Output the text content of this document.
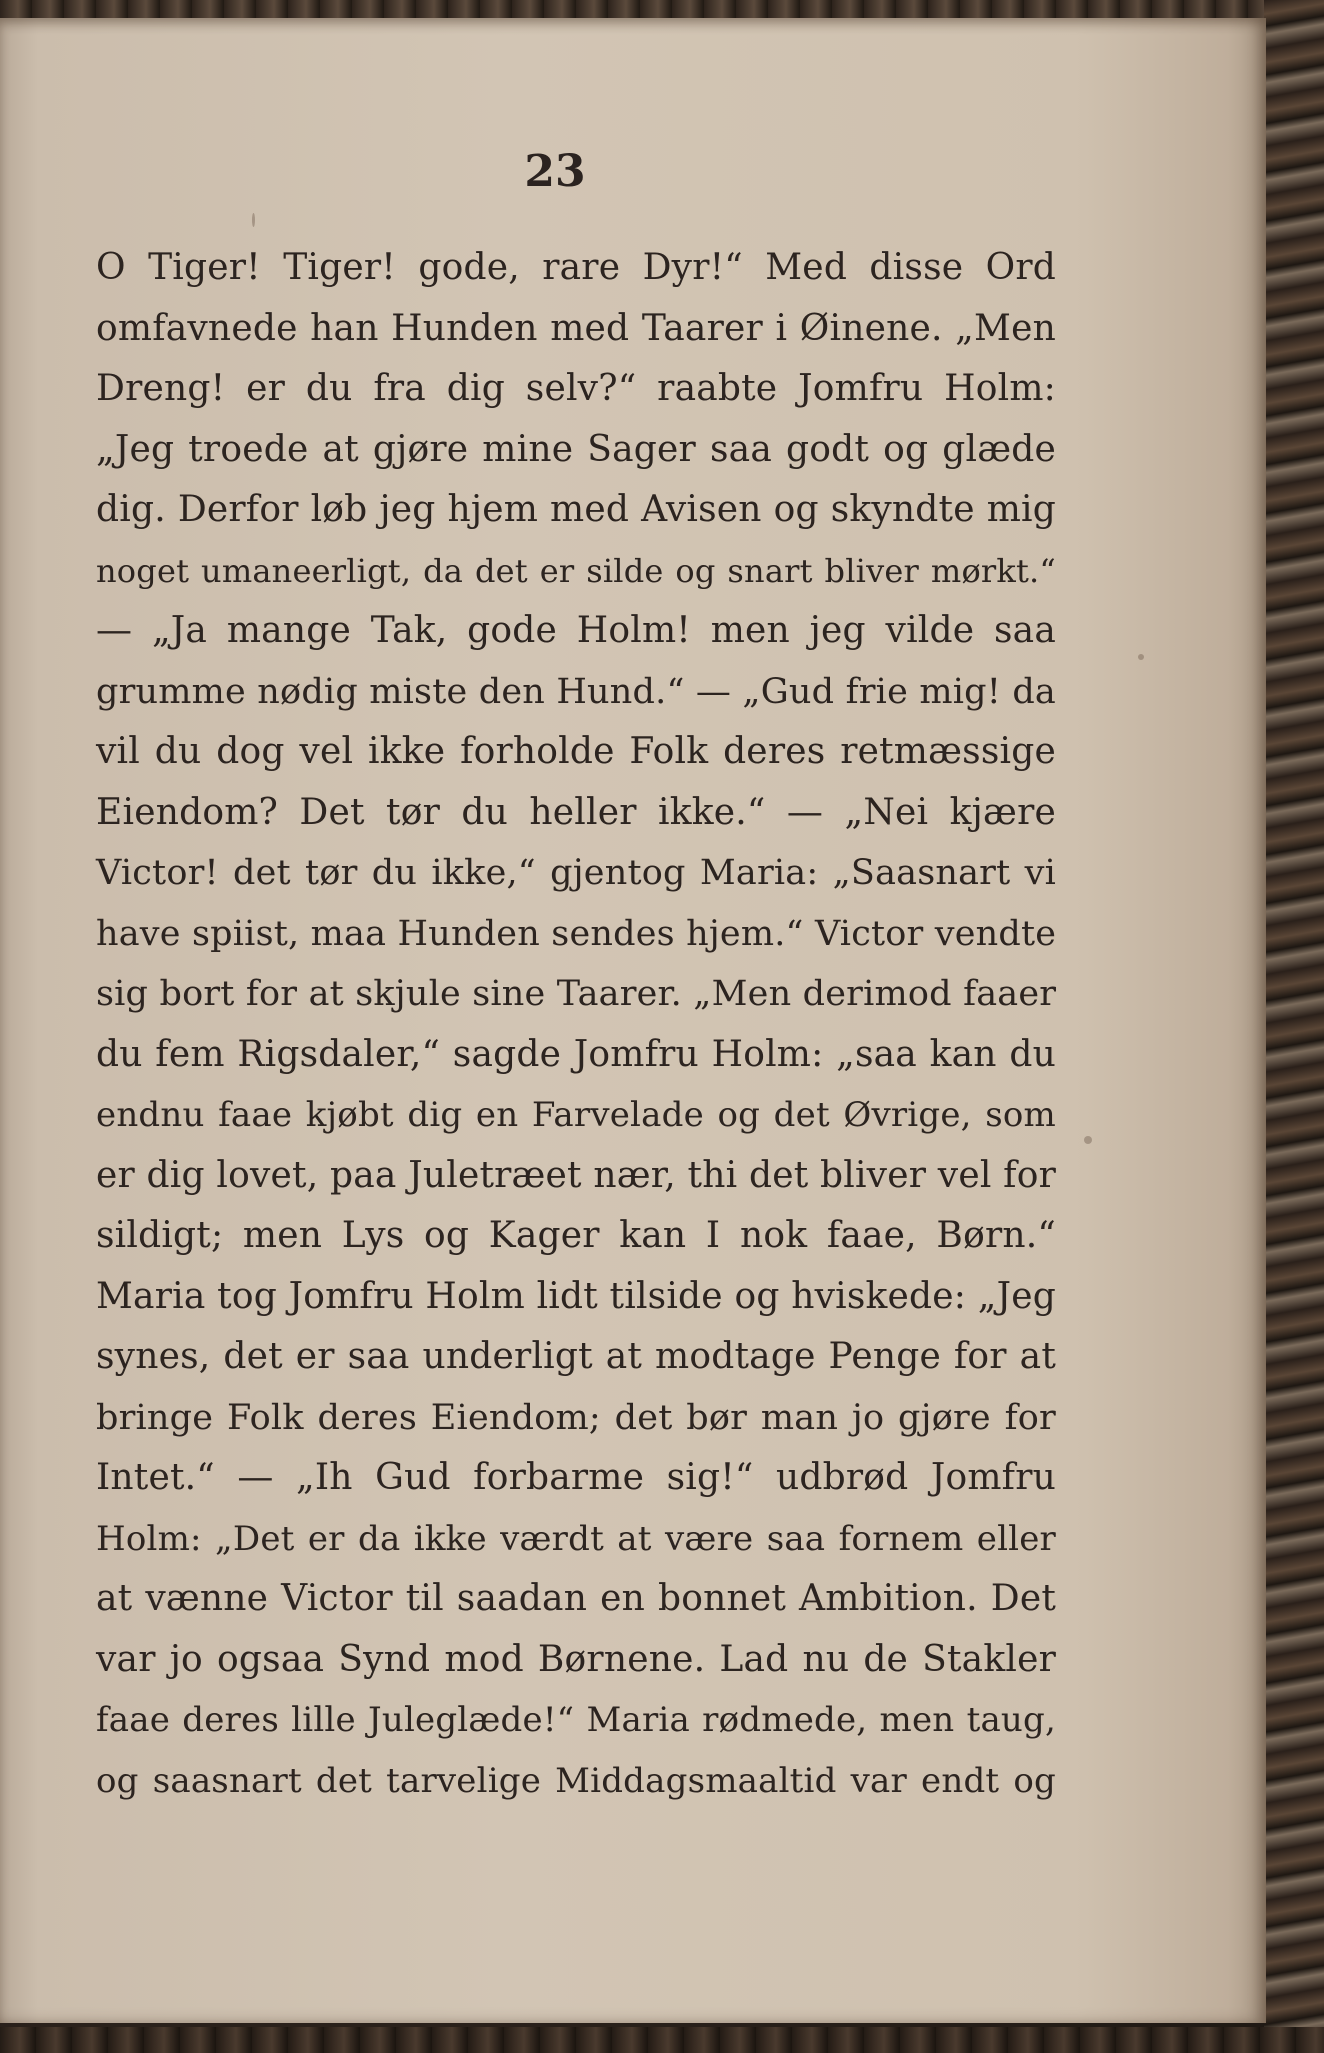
23
O Tiger! Tiger! gode, rare Dyr!“ Med disse Ord
omfavnede han Hunden med Taarer i Øinene. „Men
Dreng! er du fra dig selv?“ raabte Jomfru Holm:
„Jeg troede at gjøre mine Sager saa godt og glæde
dig. Derfor løb jeg hjem med Avisen og skyndte mig
noget umaneerligt, da det er silde og snart bliver mørkt.“
— „Ja mange Tak, gode Holm! men jeg vilde saa
grumme nødig miste den Hund.“ — „Gud frie mig! da
vil du dog vel ikke forholde Folk deres retmæssige
Eiendom? Det tør du heller ikke.“ — „Nei kjære
Victor! det tør du ikke,“ gjentog Maria: „Saasnart vi
have spiist, maa Hunden sendes hjem.“ Victor vendte
sig bort for at skjule sine Taarer. „Men derimod faaer
du fem Rigsdaler,“ sagde Jomfru Holm: „saa kan du
endnu faae kjøbt dig en Farvelade og det Øvrige, som
er dig lovet, paa Juletræet nær, thi det bliver vel for
sildigt; men Lys og Kager kan I nok faae, Børn.“
Maria tog Jomfru Holm lidt tilside og hviskede: „Jeg
synes, det er saa underligt at modtage Penge for at
bringe Folk deres Eiendom; det bør man jo gjøre for
Intet.“ — „Ih Gud forbarme sig!“ udbrød Jomfru
Holm: „Det er da ikke værdt at være saa fornem eller
at vænne Victor til saadan en bonnet Ambition. Det
var jo ogsaa Synd mod Børnene. Lad nu de Stakler
faae deres lille Juleglæde!“ Maria rødmede, men taug,
og saasnart det tarvelige Middagsmaaltid var endt og
